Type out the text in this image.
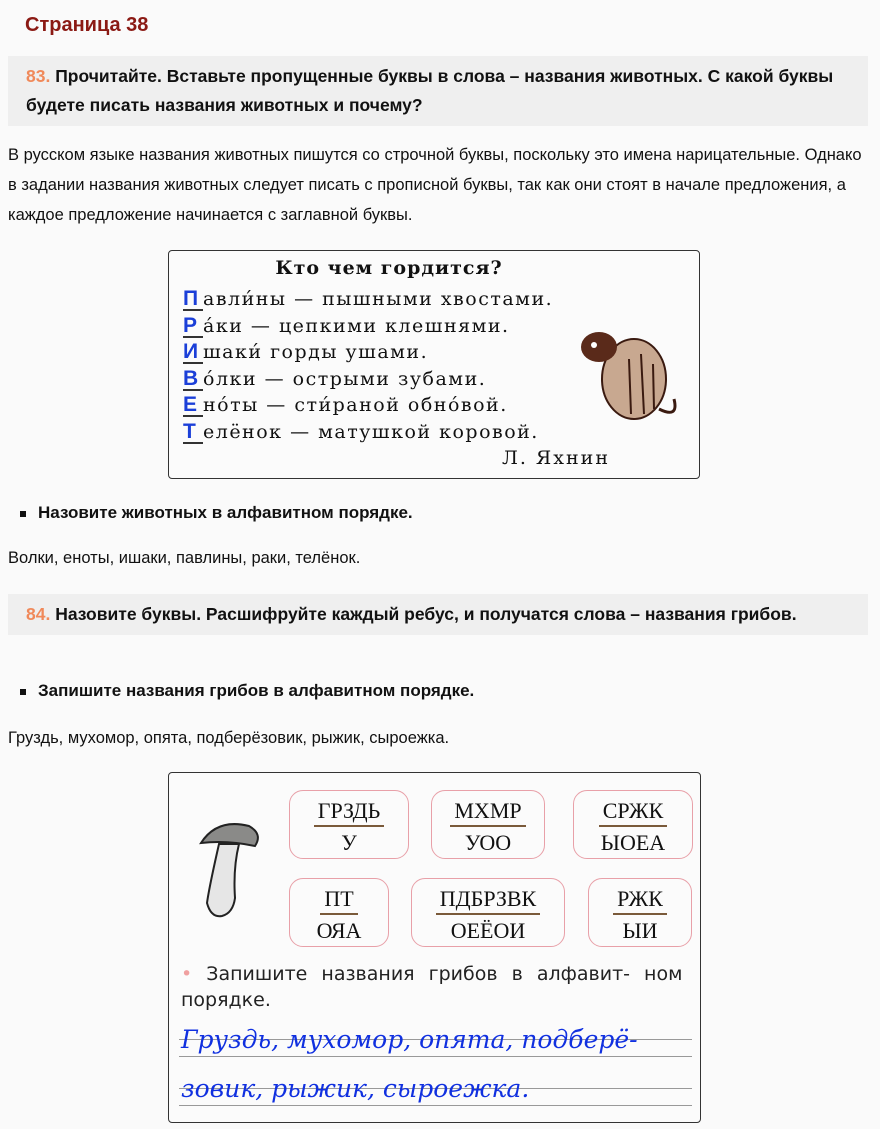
Страница 38
83. Прочитайте. Вставьте пропущенные буквы в слова – названия животных. С какой буквы будете писать названия животных и почему?
В русском языке названия животных пишутся со строчной буквы, поскольку это имена нарицательные. Однако в задании названия животных следует писать с прописной буквы, так как они стоят в начале предложения, а каждое предложение начинается с заглавной буквы.
Кто чем гордится?
П авли́ны — пышными хвостами.
Р а́ки — цепкими клешнями.
И шаки́ горды ушами.
В о́лки — острыми зубами.
Е но́ты — сти́раной обно́вой.
Т елёнок — матушкой коровой.
Л. Яхнин
Назовите животных в алфавитном порядке.
Волки, еноты, ишаки, павлины, раки, телёнок.
84. Назовите буквы. Расшифруйте каждый ребус, и получатся слова – названия грибов.
Запишите названия грибов в алфавитном порядке.
Груздь, мухомор, опята, подберёзовик, рыжик, сыроежка.
ГРЗДЬ
У
МХМР
УОО
СРЖК
ЫОЕА
ПТ
ОЯА
ПДБРЗВК
ОЕЁОИ
РЖК
ЫИ
• Запишите названия грибов в алфавит- ном порядке.
Груздь, мухомор, опята, подберё-
зовик, рыжик, сыроежка.
